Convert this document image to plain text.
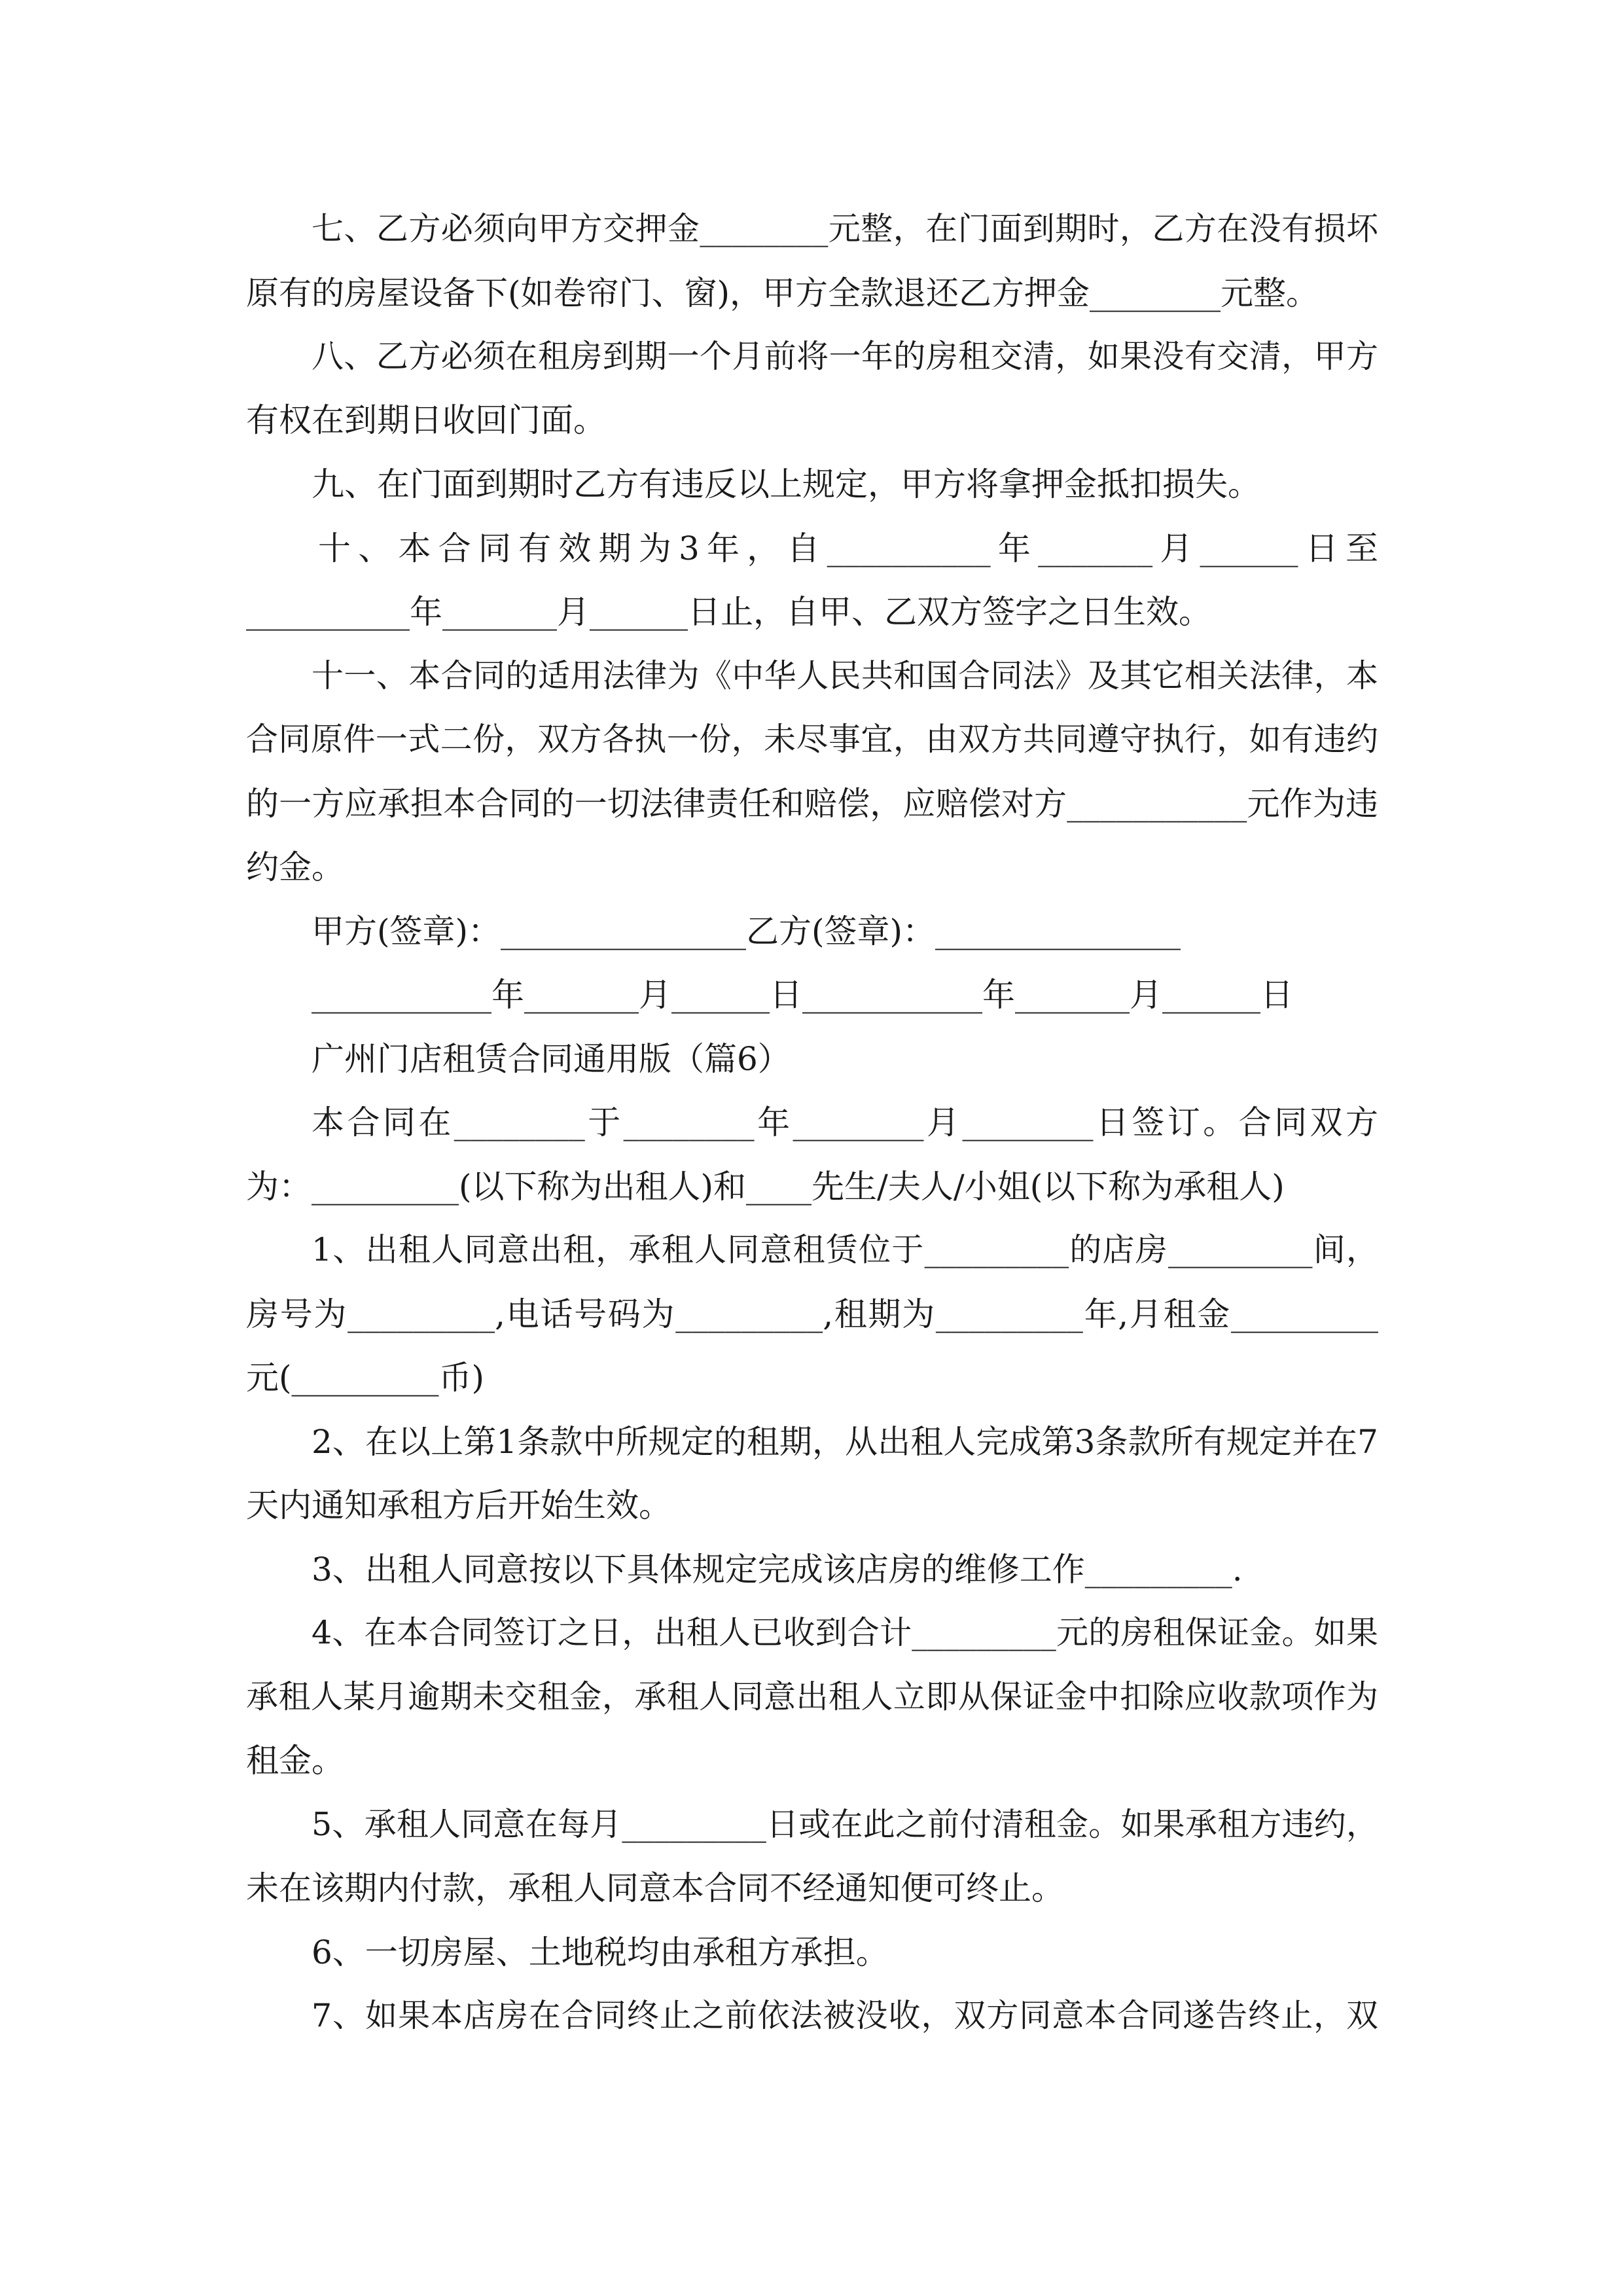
七、乙方必须向甲方交押金________元整，在门面到期时，乙方在没有损坏
原有的房屋设备下(如卷帘门、窗)，甲方全款退还乙方押金________元整。
八、乙方必须在租房到期一个月前将一年的房租交清，如果没有交清，甲方
有权在到期日收回门面。
九、在门面到期时乙方有违反以上规定，甲方将拿押金抵扣损失。
十、本合同有效期为3年，自__________年_______月______日至
__________年_______月______日止，自甲、乙双方签字之日生效。
十一、本合同的适用法律为《中华人民共和国合同法》及其它相关法律，本
合同原件一式二份，双方各执一份，未尽事宜，由双方共同遵守执行，如有违约
的一方应承担本合同的一切法律责任和赔偿，应赔偿对方___________元作为违
约金。
甲方(签章)：_______________乙方(签章)：_______________
___________年_______月______日___________年_______月______日
广州门店租赁合同通用版（篇6）
本合同在________于________年________月________日签订。合同双方
为：_________(以下称为出租人)和____先生/夫人/小姐(以下称为承租人)
1、出租人同意出租，承租人同意租赁位于_________的店房_________间，
房号为_________,电话号码为_________,租期为_________年,月租金_________
元(_________币)
2、在以上第1条款中所规定的租期，从出租人完成第3条款所有规定并在7
天内通知承租方后开始生效。
3、出租人同意按以下具体规定完成该店房的维修工作_________.
4、在本合同签订之日，出租人已收到合计_________元的房租保证金。如果
承租人某月逾期未交租金，承租人同意出租人立即从保证金中扣除应收款项作为
租金。
5、承租人同意在每月_________日或在此之前付清租金。如果承租方违约，
未在该期内付款，承租人同意本合同不经通知便可终止。
6、一切房屋、土地税均由承租方承担。
7、如果本店房在合同终止之前依法被没收，双方同意本合同遂告终止，双
